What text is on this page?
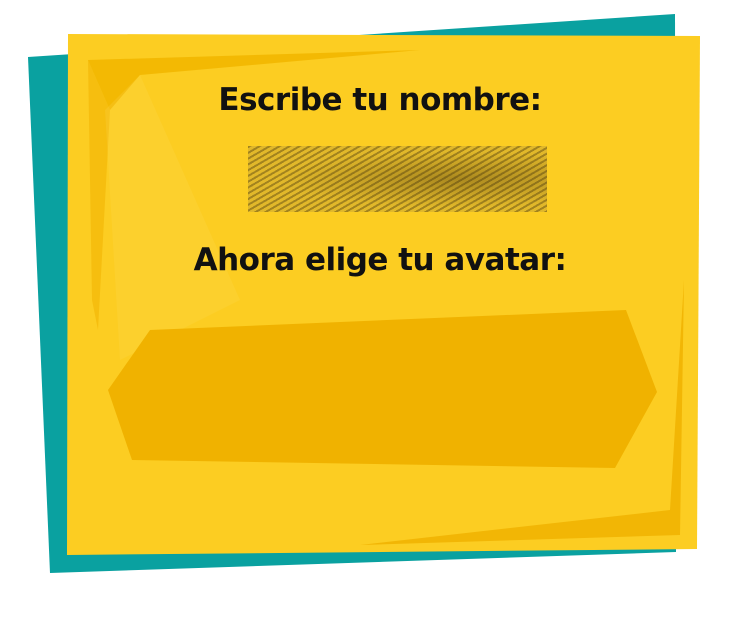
Escribe tu nombre:
Ahora elige tu avatar:
